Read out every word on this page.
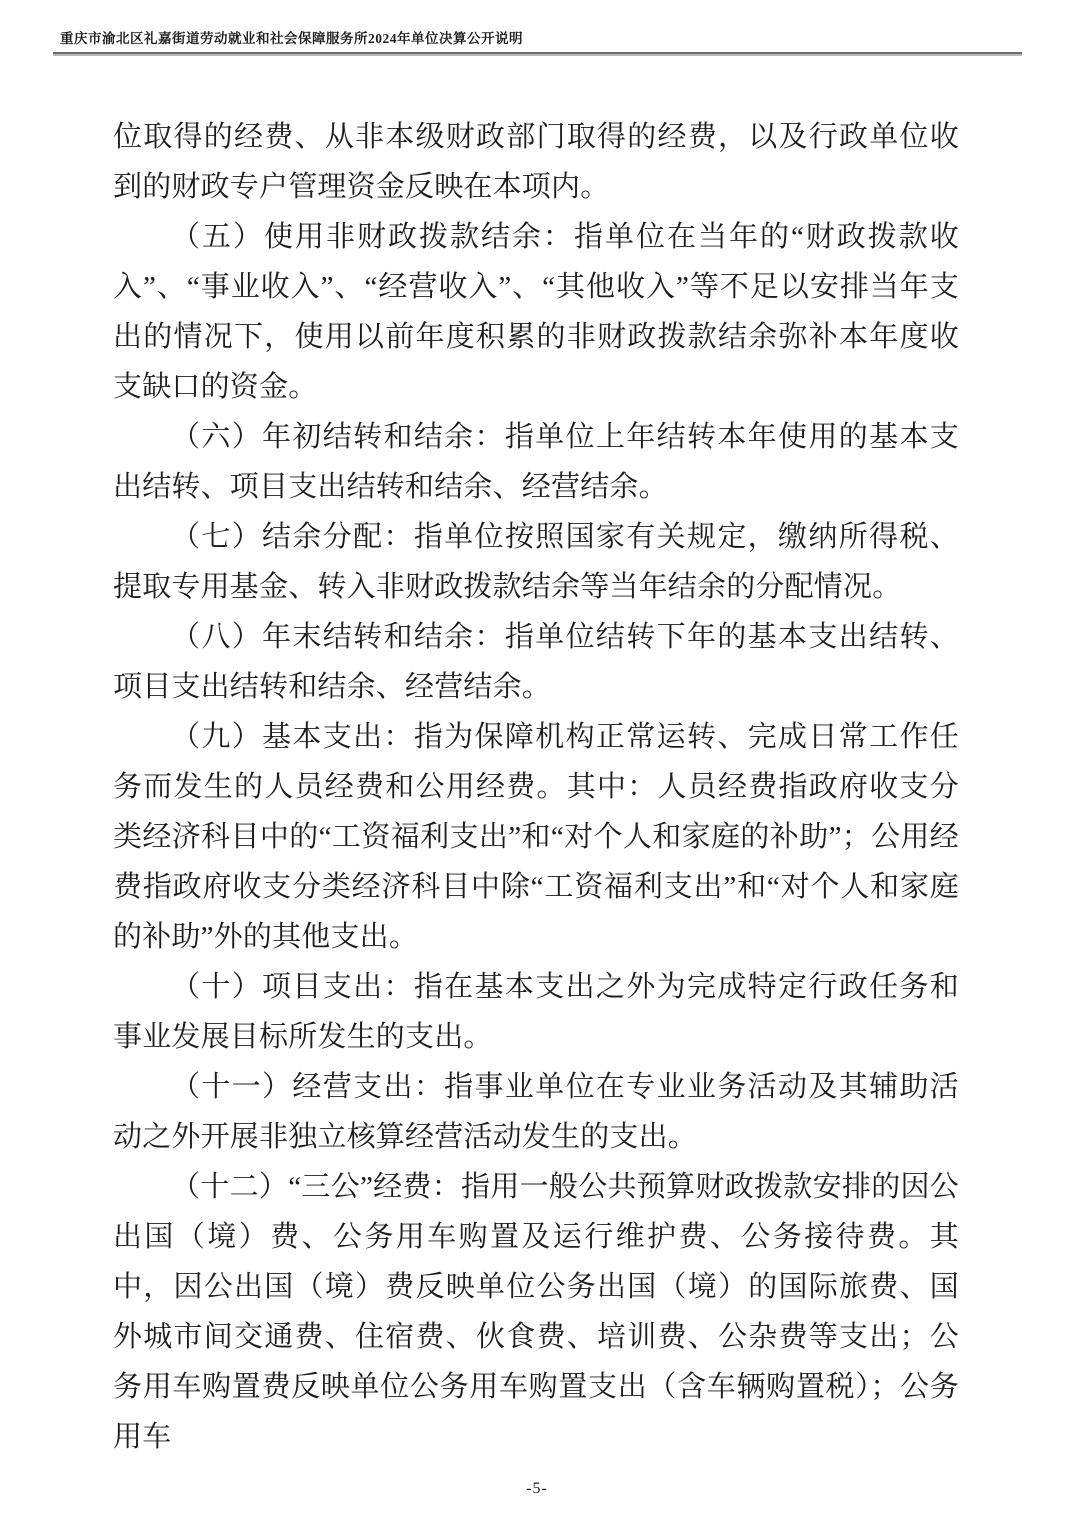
重庆市渝北区礼嘉街道劳动就业和社会保障服务所2024年单位决算公开说明

位取得的经费、从非本级财政部门取得的经费，以及行政单位收到的财政专户管理资金反映在本项内。

（五）使用非财政拨款结余：指单位在当年的“财政拨款收入”、“事业收入”、“经营收入”、“其他收入”等不足以安排当年支出的情况下，使用以前年度积累的非财政拨款结余弥补本年度收支缺口的资金。

（六）年初结转和结余：指单位上年结转本年使用的基本支出结转、项目支出结转和结余、经营结余。

（七）结余分配：指单位按照国家有关规定，缴纳所得税、提取专用基金、转入非财政拨款结余等当年结余的分配情况。

（八）年末结转和结余：指单位结转下年的基本支出结转、项目支出结转和结余、经营结余。

（九）基本支出：指为保障机构正常运转、完成日常工作任务而发生的人员经费和公用经费。其中：人员经费指政府收支分类经济科目中的“工资福利支出”和“对个人和家庭的补助”；公用经费指政府收支分类经济科目中除“工资福利支出”和“对个人和家庭的补助”外的其他支出。

（十）项目支出：指在基本支出之外为完成特定行政任务和事业发展目标所发生的支出。

（十一）经营支出：指事业单位在专业业务活动及其辅助活动之外开展非独立核算经营活动发生的支出。

（十二）“三公”经费：指用一般公共预算财政拨款安排的因公出国（境）费、公务用车购置及运行维护费、公务接待费。其中，因公出国（境）费反映单位公务出国（境）的国际旅费、国外城市间交通费、住宿费、伙食费、培训费、公杂费等支出；公务用车购置费反映单位公务用车购置支出（含车辆购置税）；公务用车

-5-
